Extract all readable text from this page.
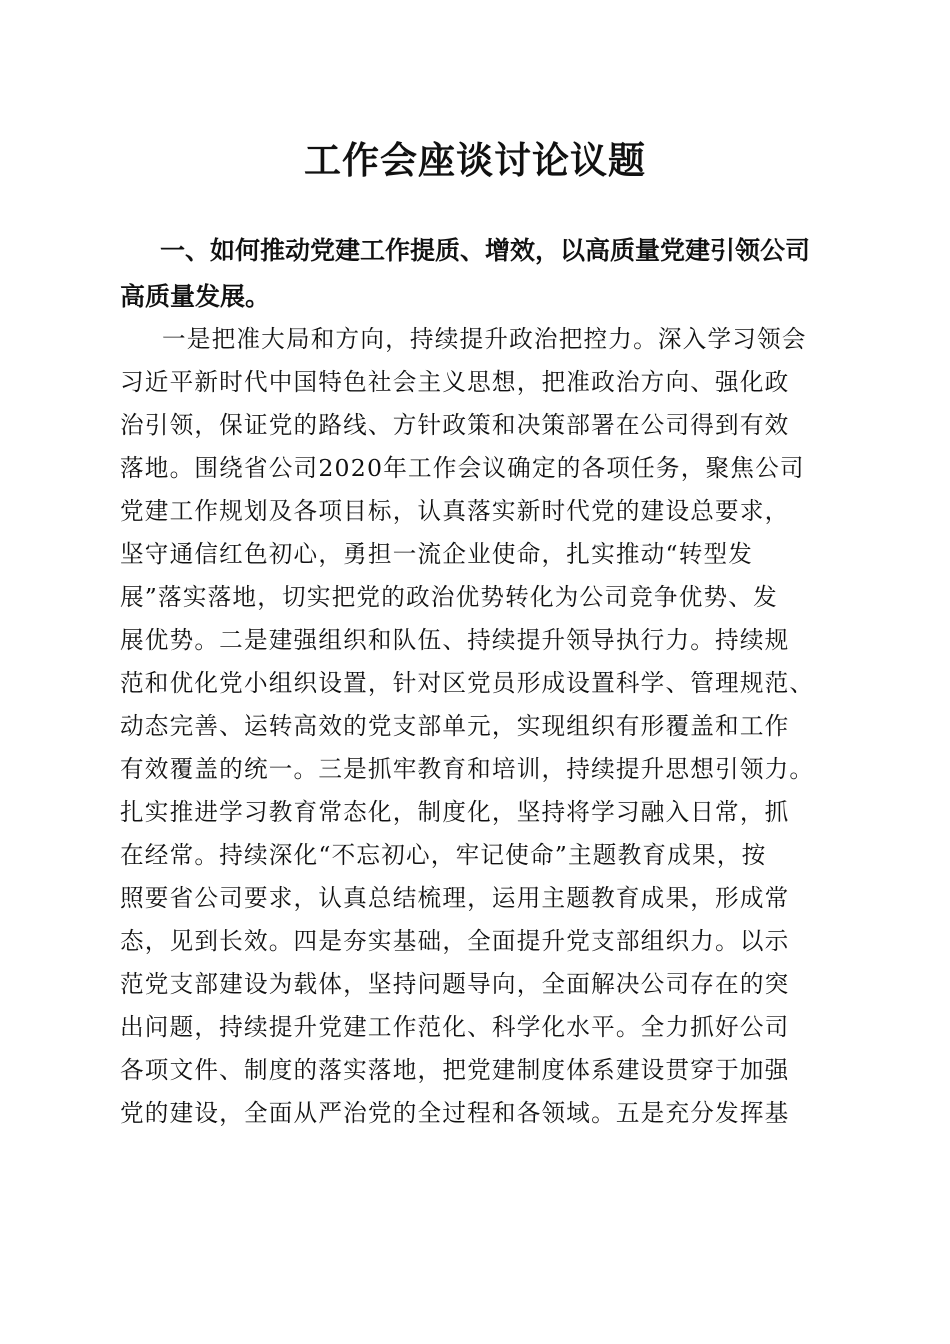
工作会座谈讨论议题

一、如何推动党建工作提质、增效，以高质量党建引领公司高质量发展。

一是把准大局和方向，持续提升政治把控力。深入学习领会
习近平新时代中国特色社会主义思想，把准政治方向、强化政
治引领，保证党的路线、方针政策和决策部署在公司得到有效
落地。围绕省公司2020年工作会议确定的各项任务，聚焦公司
党建工作规划及各项目标，认真落实新时代党的建设总要求，
坚守通信红色初心，勇担一流企业使命，扎实推动“转型发
展”落实落地，切实把党的政治优势转化为公司竞争优势、发
展优势。二是建强组织和队伍、持续提升领导执行力。持续规
范和优化党小组织设置，针对区党员形成设置科学、管理规范、
动态完善、运转高效的党支部单元，实现组织有形覆盖和工作
有效覆盖的统一。三是抓牢教育和培训，持续提升思想引领力。
扎实推进学习教育常态化，制度化，坚持将学习融入日常，抓
在经常。持续深化“不忘初心，牢记使命”主题教育成果，按
照要省公司要求，认真总结梳理，运用主题教育成果，形成常
态，见到长效。四是夯实基础，全面提升党支部组织力。以示
范党支部建设为载体，坚持问题导向，全面解决公司存在的突
出问题，持续提升党建工作范化、科学化水平。全力抓好公司
各项文件、制度的落实落地，把党建制度体系建设贯穿于加强
党的建设，全面从严治党的全过程和各领域。五是充分发挥基
